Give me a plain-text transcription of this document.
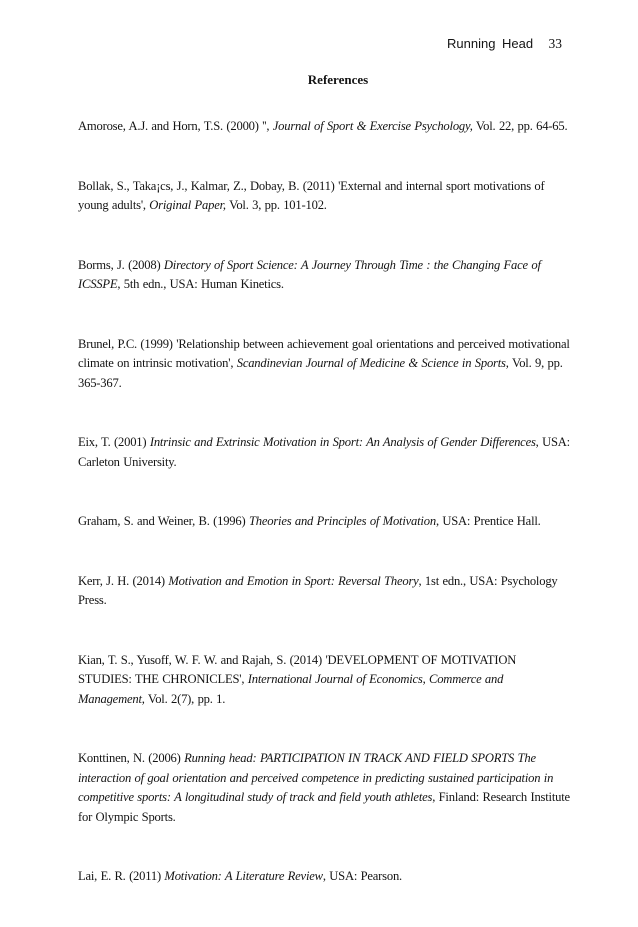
Running Head 33
References

Amorose, A.J. and Horn, T.S. (2000) '', Journal of Sport & Exercise Psychology, Vol. 22, pp. 64-65.

Bollak, S., Taka¡cs, J., Kalmar, Z., Dobay, B. (2011) 'External and internal sport motivations of young adults', Original Paper, Vol. 3, pp. 101-102.

Borms, J. (2008) Directory of Sport Science: A Journey Through Time : the Changing Face of ICSSPE, 5th edn., USA: Human Kinetics.

Brunel, P.C. (1999) 'Relationship between achievement goal orientations and perceived motivational climate on intrinsic motivation', Scandinevian Journal of Medicine & Science in Sports, Vol. 9, pp. 365-367.

Eix, T. (2001) Intrinsic and Extrinsic Motivation in Sport: An Analysis of Gender Differences, USA: Carleton University.

Graham, S. and Weiner, B. (1996) Theories and Principles of Motivation, USA: Prentice Hall.

Kerr, J. H. (2014) Motivation and Emotion in Sport: Reversal Theory, 1st edn., USA: Psychology Press.

Kian, T. S., Yusoff, W. F. W. and Rajah, S. (2014) 'DEVELOPMENT OF MOTIVATION STUDIES: THE CHRONICLES', International Journal of Economics, Commerce and Management, Vol. 2(7), pp. 1.

Konttinen, N. (2006) Running head: PARTICIPATION IN TRACK AND FIELD SPORTS The interaction of goal orientation and perceived competence in predicting sustained participation in competitive sports: A longitudinal study of track and field youth athletes, Finland: Research Institute for Olympic Sports.

Lai, E. R. (2011) Motivation: A Literature Review, USA: Pearson.
